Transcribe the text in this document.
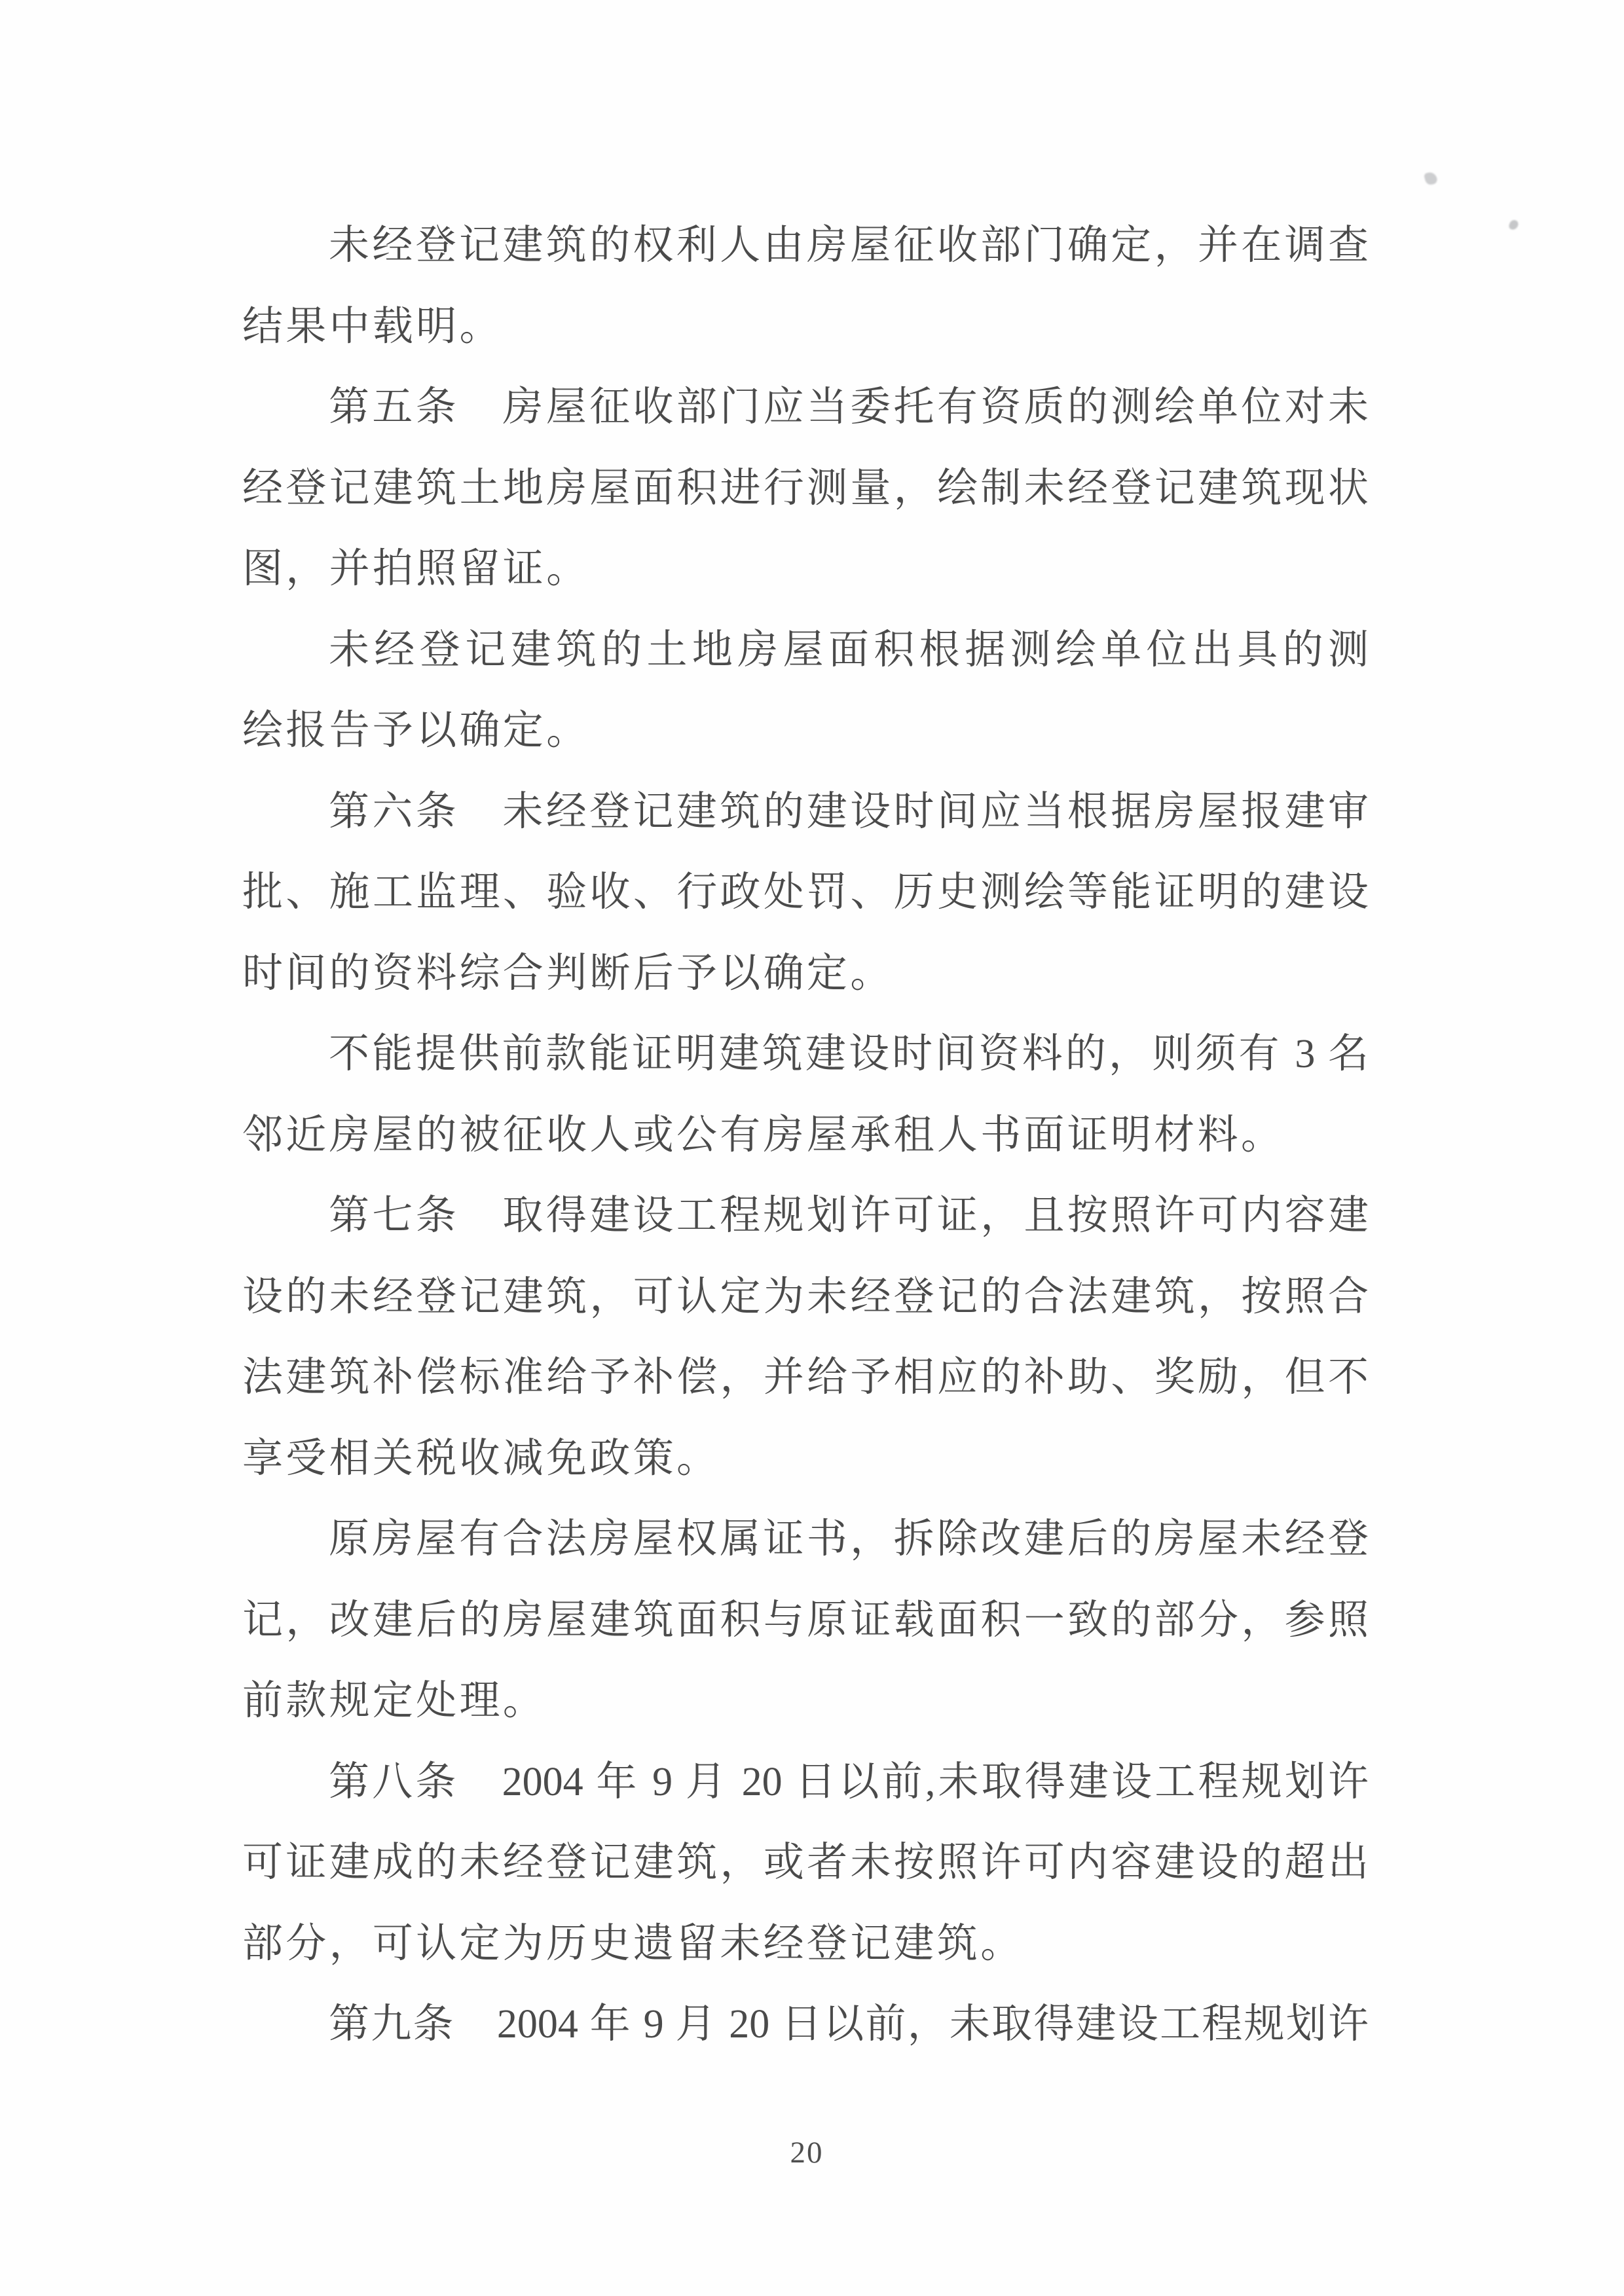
未经登记建筑的权利人由房屋征收部门确定，并在调查

结果中载明。

第五条　房屋征收部门应当委托有资质的测绘单位对未

经登记建筑土地房屋面积进行测量，绘制未经登记建筑现状

图，并拍照留证。

未经登记建筑的土地房屋面积根据测绘单位出具的测

绘报告予以确定。

第六条　未经登记建筑的建设时间应当根据房屋报建审

批、施工监理、验收、行政处罚、历史测绘等能证明的建设

时间的资料综合判断后予以确定。

不能提供前款能证明建筑建设时间资料的，则须有 3 名

邻近房屋的被征收人或公有房屋承租人书面证明材料。

第七条　取得建设工程规划许可证，且按照许可内容建

设的未经登记建筑，可认定为未经登记的合法建筑，按照合

法建筑补偿标准给予补偿，并给予相应的补助、奖励，但不

享受相关税收减免政策。

原房屋有合法房屋权属证书，拆除改建后的房屋未经登

记，改建后的房屋建筑面积与原证载面积一致的部分，参照

前款规定处理。

第八条　2004 年 9 月 20 日以前,未取得建设工程规划许

可证建成的未经登记建筑，或者未按照许可内容建设的超出

部分，可认定为历史遗留未经登记建筑。

第九条　2004 年 9 月 20 日以前，未取得建设工程规划许

20
